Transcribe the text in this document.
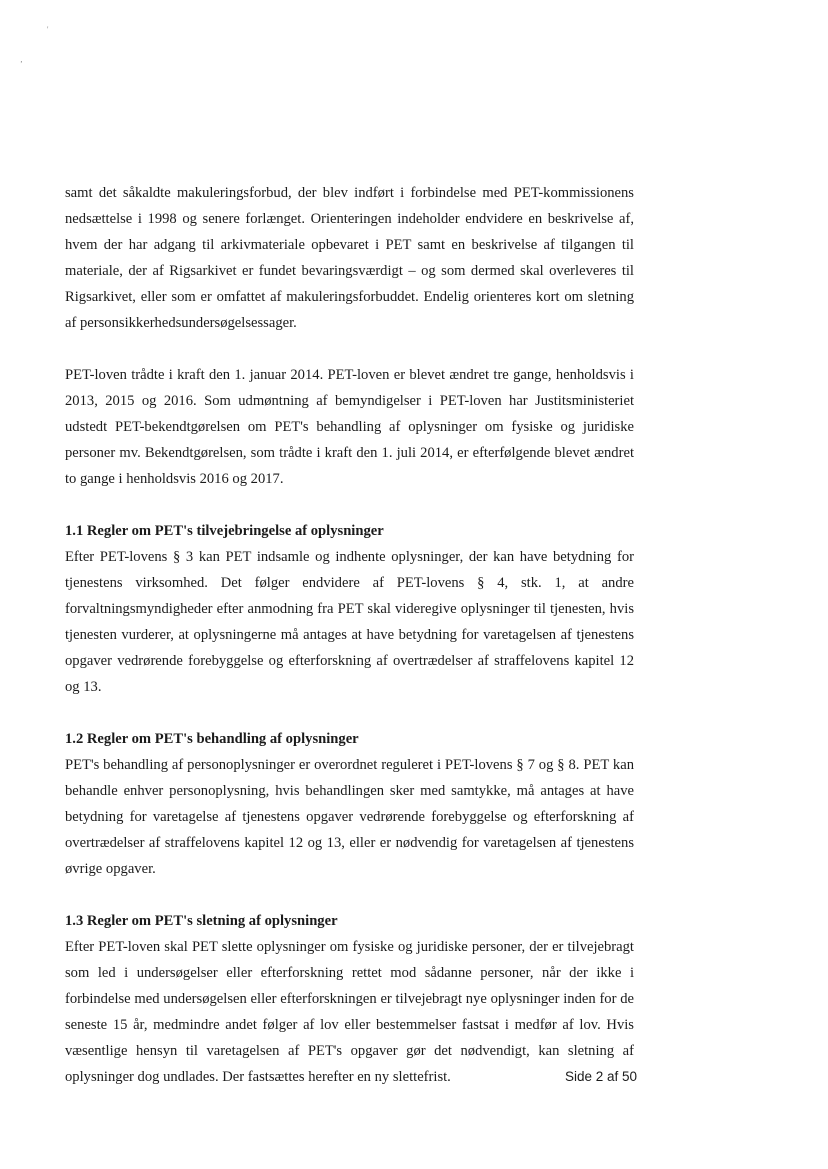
'
‚

samt det såkaldte makuleringsforbud, der blev indført i forbindelse med PET-kommissionens nedsættelse i 1998 og senere forlænget. Orienteringen indeholder endvidere en beskrivelse af, hvem der har adgang til arkivmateriale opbevaret i PET samt en beskrivelse af tilgangen til materiale, der af Rigsarkivet er fundet bevaringsværdigt – og som dermed skal overleveres til Rigsarkivet, eller som er omfattet af makuleringsforbuddet. Endelig orienteres kort om sletning af personsikkerhedsundersøgelsessager.

PET-loven trådte i kraft den 1. januar 2014. PET-loven er blevet ændret tre gange, henholdsvis i 2013, 2015 og 2016. Som udmøntning af bemyndigelser i PET-loven har Justitsministeriet udstedt PET-bekendtgørelsen om PET's behandling af oplysninger om fysiske og juridiske personer mv. Bekendtgørelsen, som trådte i kraft den 1. juli 2014, er efterfølgende blevet ændret to gange i henholdsvis 2016 og 2017.

1.1 Regler om PET's tilvejebringelse af oplysninger

Efter PET-lovens § 3 kan PET indsamle og indhente oplysninger, der kan have betydning for tjenestens virksomhed. Det følger endvidere af PET-lovens § 4, stk. 1, at andre forvaltningsmyndigheder efter anmodning fra PET skal videregive oplysninger til tjenesten, hvis tjenesten vurderer, at oplysningerne må antages at have betydning for varetagelsen af tjenestens opgaver vedrørende forebyggelse og efterforskning af overtrædelser af straffelovens kapitel 12 og 13.

1.2 Regler om PET's behandling af oplysninger

PET's behandling af personoplysninger er overordnet reguleret i PET-lovens § 7 og § 8. PET kan behandle enhver personoplysning, hvis behandlingen sker med samtykke, må antages at have betydning for varetagelse af tjenestens opgaver vedrørende forebyggelse og efterforskning af overtrædelser af straffelovens kapitel 12 og 13, eller er nødvendig for varetagelsen af tjenestens øvrige opgaver.

1.3 Regler om PET's sletning af oplysninger

Efter PET-loven skal PET slette oplysninger om fysiske og juridiske personer, der er tilvejebragt som led i undersøgelser eller efterforskning rettet mod sådanne personer, når der ikke i forbindelse med undersøgelsen eller efterforskningen er tilvejebragt nye oplysninger inden for de seneste 15 år, medmindre andet følger af lov eller bestemmelser fastsat i medfør af lov. Hvis væsentlige hensyn til varetagelsen af PET's opgaver gør det nødvendigt, kan sletning af oplysninger dog undlades. Der fastsættes herefter en ny slettefrist.	Side 2 af 50
